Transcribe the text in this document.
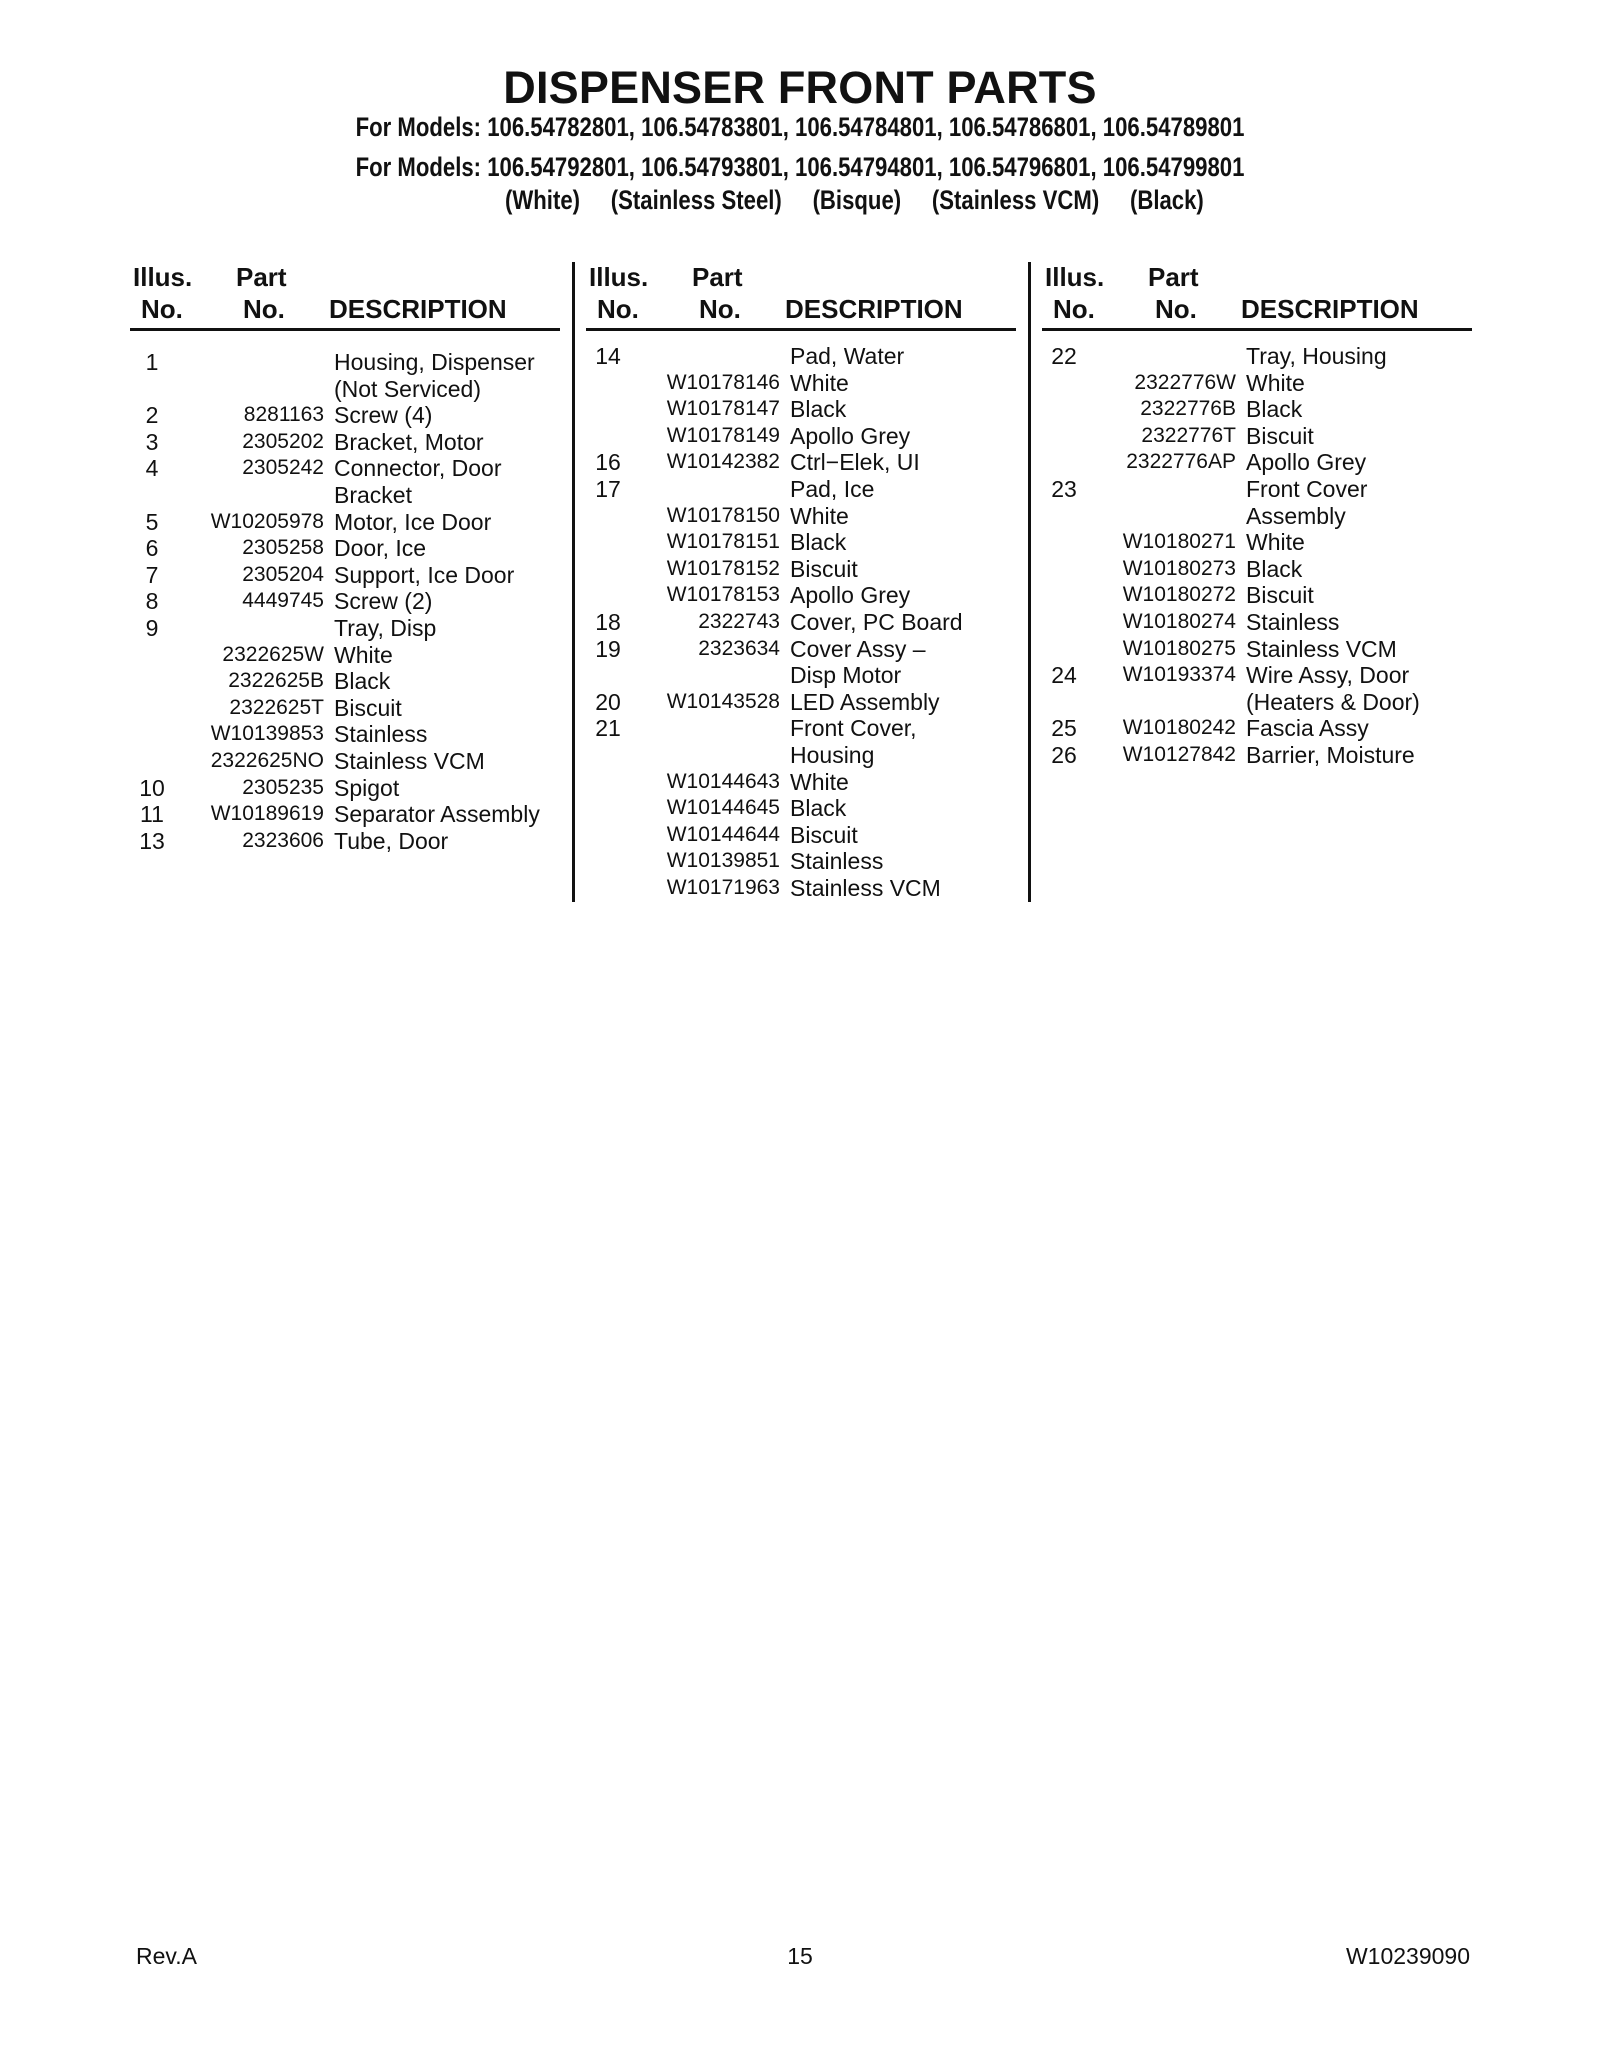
DISPENSER FRONT PARTS
For Models: 106.54782801, 106.54783801, 106.54784801, 106.54786801, 106.54789801
For Models: 106.54792801, 106.54793801, 106.54794801, 106.54796801, 106.54799801
(White) (Stainless Steel) (Bisque) (Stainless VCM) (Black)
Illus. Part
No. No. DESCRIPTION
1	Housing, Dispenser
(Not Serviced)
2	8281163 Screw (4)
3	2305202 Bracket, Motor
4	2305242 Connector, Door
Bracket
5	W10205978 Motor, Ice Door
6	2305258 Door, Ice
7	2305204 Support, Ice Door
8	4449745 Screw (2)
9	Tray, Disp
2322625W White
2322625B Black
2322625T Biscuit
W10139853 Stainless
2322625NO Stainless VCM
10	2305235 Spigot
11	W10189619 Separator Assembly
13	2323606 Tube, Door
Illus. Part
No. No. DESCRIPTION
14	Pad, Water
W10178146 White
W10178147 Black
W10178149 Apollo Grey
16	W10142382 Ctrl−Elek, UI
17	Pad, Ice
W10178150 White
W10178151 Black
W10178152 Biscuit
W10178153 Apollo Grey
18	2322743 Cover, PC Board
19	2323634 Cover Assy –
Disp Motor
20	W10143528 LED Assembly
21	Front Cover,
Housing
W10144643 White
W10144645 Black
W10144644 Biscuit
W10139851 Stainless
W10171963 Stainless VCM
Illus. Part
No. No. DESCRIPTION
22	Tray, Housing
2322776W White
2322776B Black
2322776T Biscuit
2322776AP Apollo Grey
23	Front Cover
Assembly
W10180271 White
W10180273 Black
W10180272 Biscuit
W10180274 Stainless
W10180275 Stainless VCM
24	W10193374 Wire Assy, Door
(Heaters & Door)
25	W10180242 Fascia Assy
26	W10127842 Barrier, Moisture
Rev.A	15	W10239090
